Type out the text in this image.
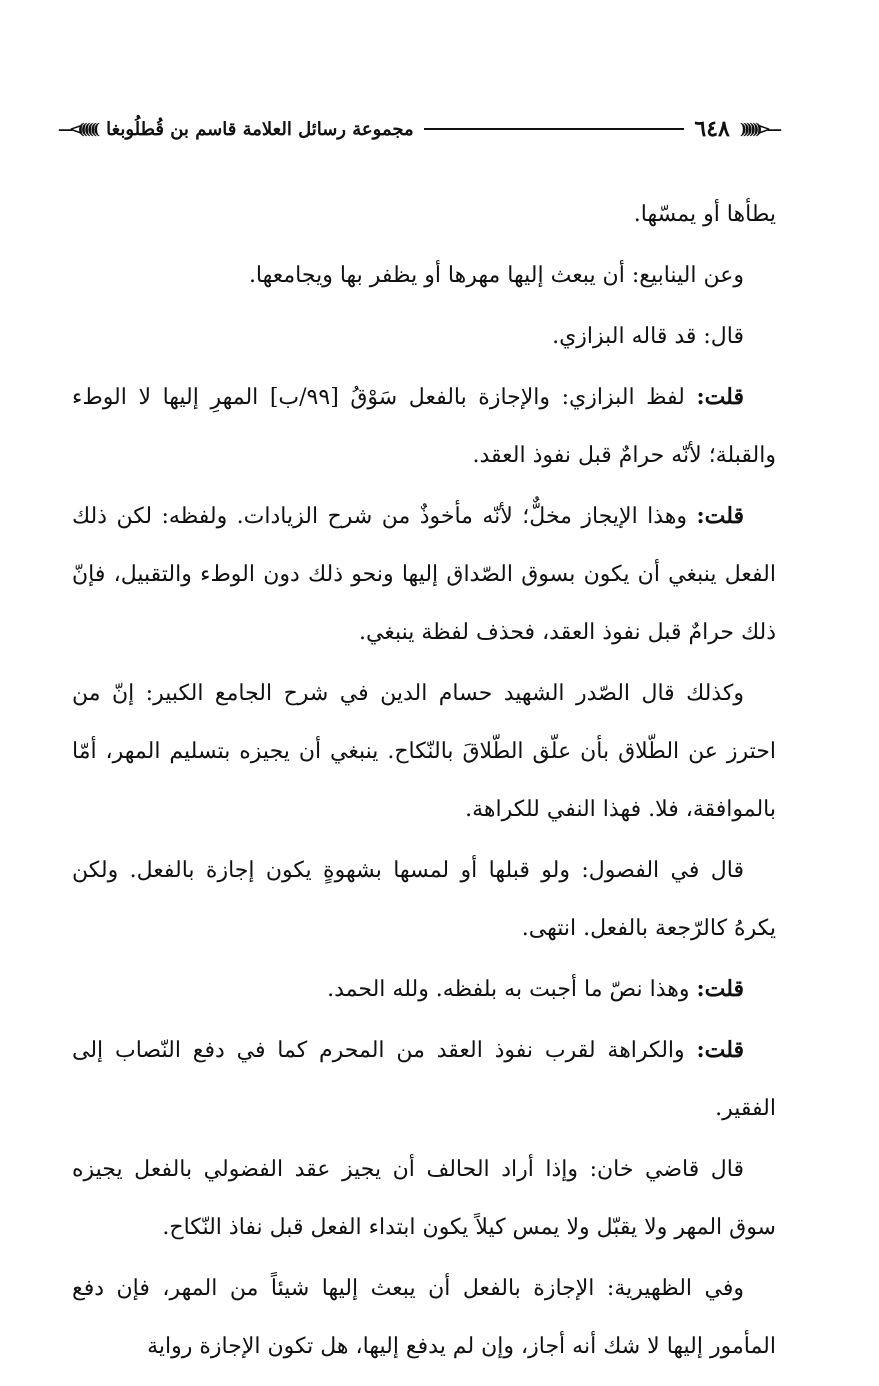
—<((((((
٦٤٨
مجموعة رسائل العلامة قاسم بن قُطلُوبغا
))))))>—

يطأها أو يمسّها.

وعن الينابيع: أن يبعث إليها مهرها أو يظفر بها ويجامعها.

قال: قد قاله البزازي.

قلت: لفظ البزازي: والإجازة بالفعل سَوْقُ [٩٩/ب] المهرِ إليها لا الوطء والقبلة؛ لأنّه حرامٌ قبل نفوذ العقد.

قلت: وهذا الإيجاز مخلٌّ؛ لأنّه مأخوذٌ من شرح الزيادات. ولفظه: لكن ذلك الفعل ينبغي أن يكون بسوق الصّداق إليها ونحو ذلك دون الوطء والتقبيل، فإنّ ذلك حرامٌ قبل نفوذ العقد، فحذف لفظة ينبغي.

وكذلك قال الصّدر الشهيد حسام الدين في شرح الجامع الكبير: إنّ من احترز عن الطّلاق بأن علّق الطّلاقَ بالنّكاح. ينبغي أن يجيزه بتسليم المهر، أمّا بالموافقة، فلا. فهذا النفي للكراهة.

قال في الفصول: ولو قبلها أو لمسها بشهوةٍ يكون إجازة بالفعل. ولكن يكرهُ كالرّجعة بالفعل. انتهى.

قلت: وهذا نصّ ما أجبت به بلفظه. ولله الحمد.

قلت: والكراهة لقرب نفوذ العقد من المحرم كما في دفع النّصاب إلى الفقير.

قال قاضي خان: وإذا أراد الحالف أن يجيز عقد الفضولي بالفعل يجيزه سوق المهر ولا يقبّل ولا يمس كيلاً يكون ابتداء الفعل قبل نفاذ النّكاح.

وفي الظهيرية: الإجازة بالفعل أن يبعث إليها شيئاً من المهر، فإن دفع المأمور إليها لا شك أنه أجاز، وإن لم يدفع إليها، هل تكون الإجازة رواية
